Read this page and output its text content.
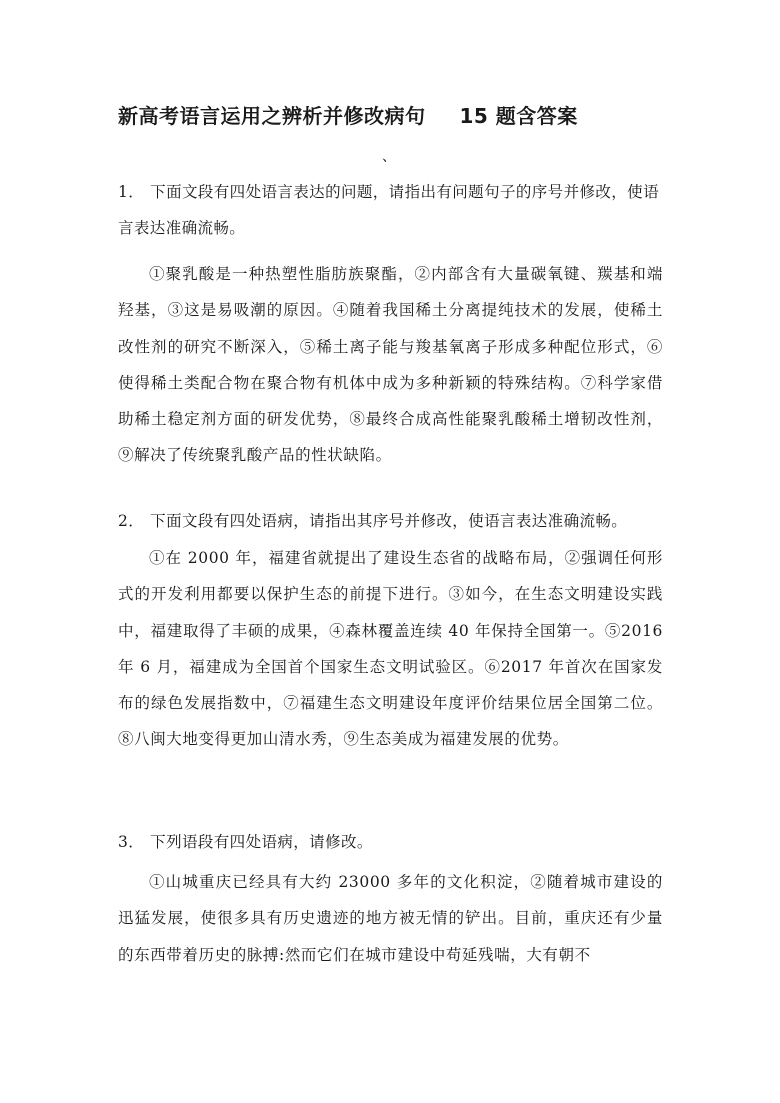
新高考语言运用之辨析并修改病句 15 题含答案
、
1． 下面文段有四处语言表达的问题，请指出有问题句子的序号并修改，使语言表达准确流畅。
①聚乳酸是一种热塑性脂肪族聚酯，②内部含有大量碳氧键、羰基和端羟基，③这是易吸潮的原因。④随着我国稀土分离提纯技术的发展，使稀土改性剂的研究不断深入，⑤稀土离子能与羧基氧离子形成多种配位形式，⑥使得稀土类配合物在聚合物有机体中成为多种新颖的特殊结构。⑦科学家借助稀土稳定剂方面的研发优势，⑧最终合成高性能聚乳酸稀土增韧改性剂，⑨解决了传统聚乳酸产品的性状缺陷。
2． 下面文段有四处语病，请指出其序号并修改，使语言表达准确流畅。
①在 2000 年，福建省就提出了建设生态省的战略布局，②强调任何形式的开发利用都要以保护生态的前提下进行。③如今，在生态文明建设实践中，福建取得了丰硕的成果，④森林覆盖连续 40 年保持全国第一。⑤2016 年 6 月，福建成为全国首个国家生态文明试验区。⑥2017 年首次在国家发布的绿色发展指数中，⑦福建生态文明建设年度评价结果位居全国第二位。⑧八闽大地变得更加山清水秀，⑨生态美成为福建发展的优势。
3． 下列语段有四处语病，请修改。
①山城重庆已经具有大约 23000 多年的文化积淀，②随着城市建设的迅猛发展，使很多具有历史遗迹的地方被无情的铲出。目前，重庆还有少量的东西带着历史的脉搏:然而它们在城市建设中苟延残喘，大有朝不
